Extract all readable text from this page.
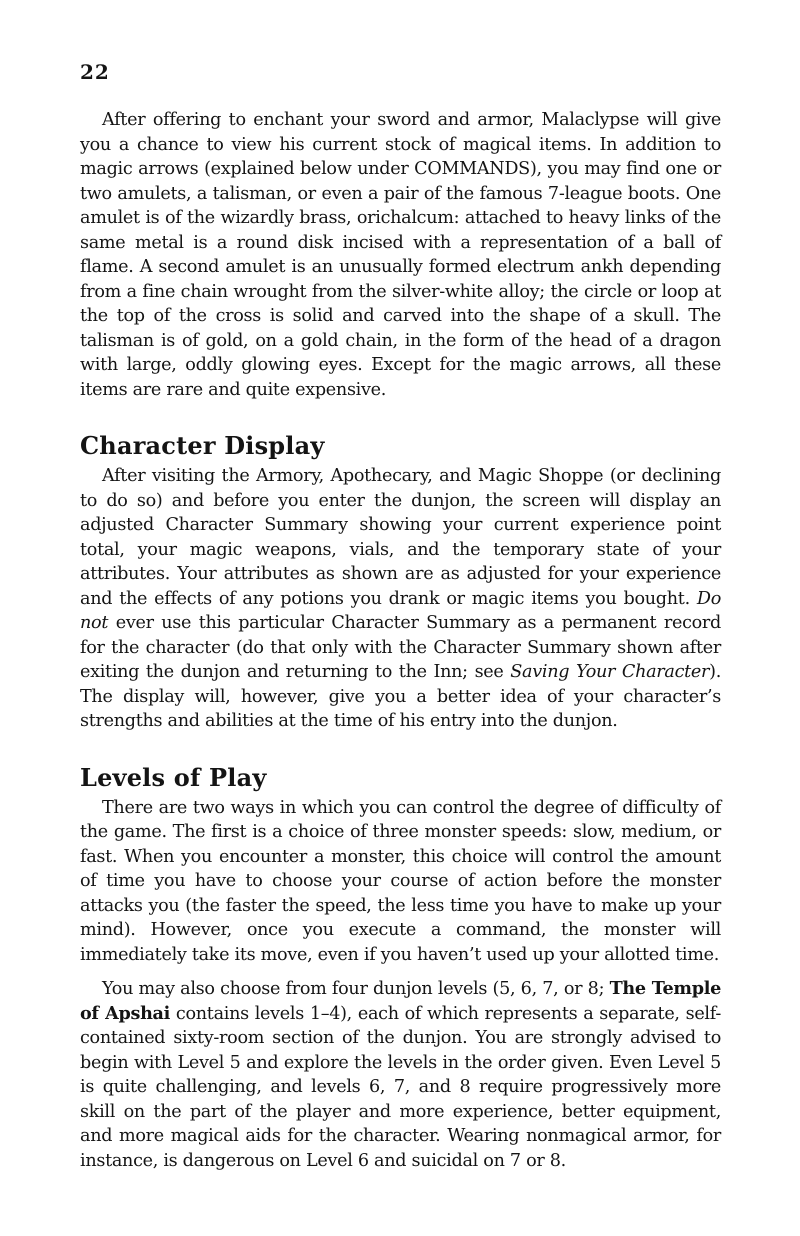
22

After offering to enchant your sword and armor, Malaclypse will give you a chance to view his current stock of magical items. In addition to magic arrows (explained below under COMMANDS), you may find one or two amulets, a talisman, or even a pair of the famous 7-league boots. One amulet is of the wizardly brass, orichalcum: attached to heavy links of the same metal is a round disk incised with a representation of a ball of flame. A second amulet is an unusually formed electrum ankh depending from a fine chain wrought from the silver-white alloy; the circle or loop at the top of the cross is solid and carved into the shape of a skull. The talisman is of gold, on a gold chain, in the form of the head of a dragon with large, oddly glowing eyes. Except for the magic arrows, all these items are rare and quite expensive.

Character Display

After visiting the Armory, Apothecary, and Magic Shoppe (or declining to do so) and before you enter the dunjon, the screen will display an adjusted Character Summary showing your current experience point total, your magic weapons, vials, and the temporary state of your attributes. Your attributes as shown are as adjusted for your experience and the effects of any potions you drank or magic items you bought. Do not ever use this particular Character Summary as a permanent record for the character (do that only with the Character Summary shown after exiting the dunjon and returning to the Inn; see Saving Your Character). The display will, however, give you a better idea of your character’s strengths and abilities at the time of his entry into the dunjon.

Levels of Play

There are two ways in which you can control the degree of difficulty of the game. The first is a choice of three monster speeds: slow, medium, or fast. When you encounter a monster, this choice will control the amount of time you have to choose your course of action before the monster attacks you (the faster the speed, the less time you have to make up your mind). However, once you execute a command, the monster will immediately take its move, even if you haven’t used up your allotted time.

You may also choose from four dunjon levels (5, 6, 7, or 8; The Temple of Apshai contains levels 1–4), each of which represents a separate, self-contained sixty-room section of the dunjon. You are strongly advised to begin with Level 5 and explore the levels in the order given. Even Level 5 is quite challenging, and levels 6, 7, and 8 require progressively more skill on the part of the player and more experience, better equipment, and more magical aids for the character. Wearing nonmagical armor, for instance, is dangerous on Level 6 and suicidal on 7 or 8.
